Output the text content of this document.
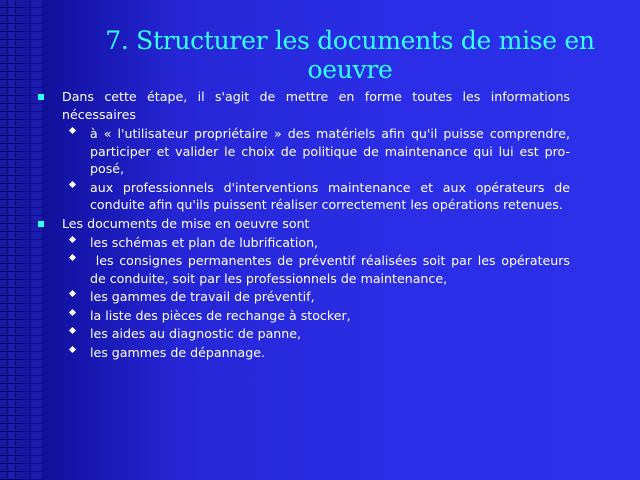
7. Structurer les documents de mise en oeuvre
Dans cette étape, il s'agit de mettre en forme toutes les informations nécessaires
à « l'utilisateur propriétaire » des matériels afin qu'il puisse comprendre, participer et valider le choix de politique de maintenance qui lui est pro-posé,
aux professionnels d'interventions maintenance et aux opérateurs de conduite afin qu'ils puissent réaliser correctement les opérations retenues.
Les documents de mise en oeuvre sont
les schémas et plan de lubrification,
les consignes permanentes de préventif réalisées soit par les opérateurs de conduite, soit par les professionnels de maintenance,
les gammes de travail de préventif,
la liste des pièces de rechange à stocker,
les aides au diagnostic de panne,
les gammes de dépannage.
